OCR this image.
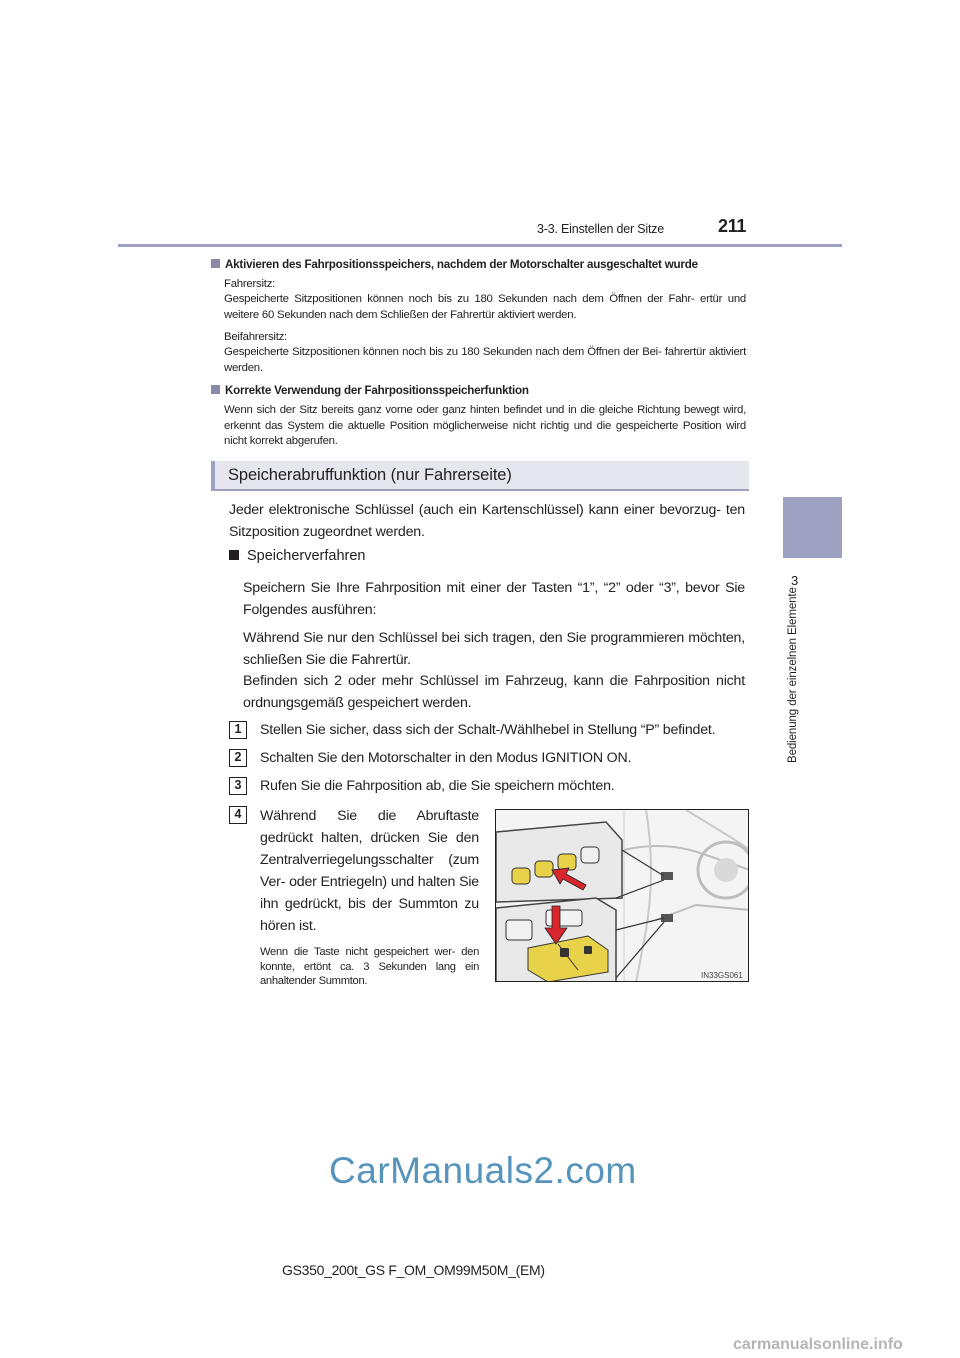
3-3. Einstellen der Sitze	211
3
Bedienung der einzelnen Elemente
Aktivieren des Fahrpositionsspeichers, nachdem der Motorschalter ausgeschaltet wurde
Fahrersitz:
Gespeicherte Sitzpositionen können noch bis zu 180 Sekunden nach dem Öffnen der Fahr- ertür und weitere 60 Sekunden nach dem Schließen der Fahrertür aktiviert werden.
Beifahrersitz:
Gespeicherte Sitzpositionen können noch bis zu 180 Sekunden nach dem Öffnen der Bei- fahrertür aktiviert werden.
Korrekte Verwendung der Fahrpositionsspeicherfunktion
Wenn sich der Sitz bereits ganz vorne oder ganz hinten befindet und in die gleiche Richtung bewegt wird, erkennt das System die aktuelle Position möglicherweise nicht richtig und die gespeicherte Position wird nicht korrekt abgerufen.
Speicherabruffunktion (nur Fahrerseite)
Jeder elektronische Schlüssel (auch ein Kartenschlüssel) kann einer bevorzug- ten Sitzposition zugeordnet werden.
Speicherverfahren
Speichern Sie Ihre Fahrposition mit einer der Tasten “1”, “2” oder “3”, bevor Sie Folgendes ausführen:
Während Sie nur den Schlüssel bei sich tragen, den Sie programmieren möchten, schließen Sie die Fahrertür.
Befinden sich 2 oder mehr Schlüssel im Fahrzeug, kann die Fahrposition nicht ordnungsgemäß gespeichert werden.
1	Stellen Sie sicher, dass sich der Schalt-/Wählhebel in Stellung “P” befindet.
2	Schalten Sie den Motorschalter in den Modus IGNITION ON.
3	Rufen Sie die Fahrposition ab, die Sie speichern möchten.
4	Während Sie die Abruftaste gedrückt halten, drücken Sie den Zentralverriegelungsschalter (zum Ver- oder Entriegeln) und halten Sie ihn gedrückt, bis der Summton zu hören ist.
Wenn die Taste nicht gespeichert wer- den konnte, ertönt ca. 3 Sekunden lang ein anhaltender Summton.	IN33GS061
CarManuals2.com
GS350_200t_GS F_OM_OM99M50M_(EM)
carmanualsonline.info
